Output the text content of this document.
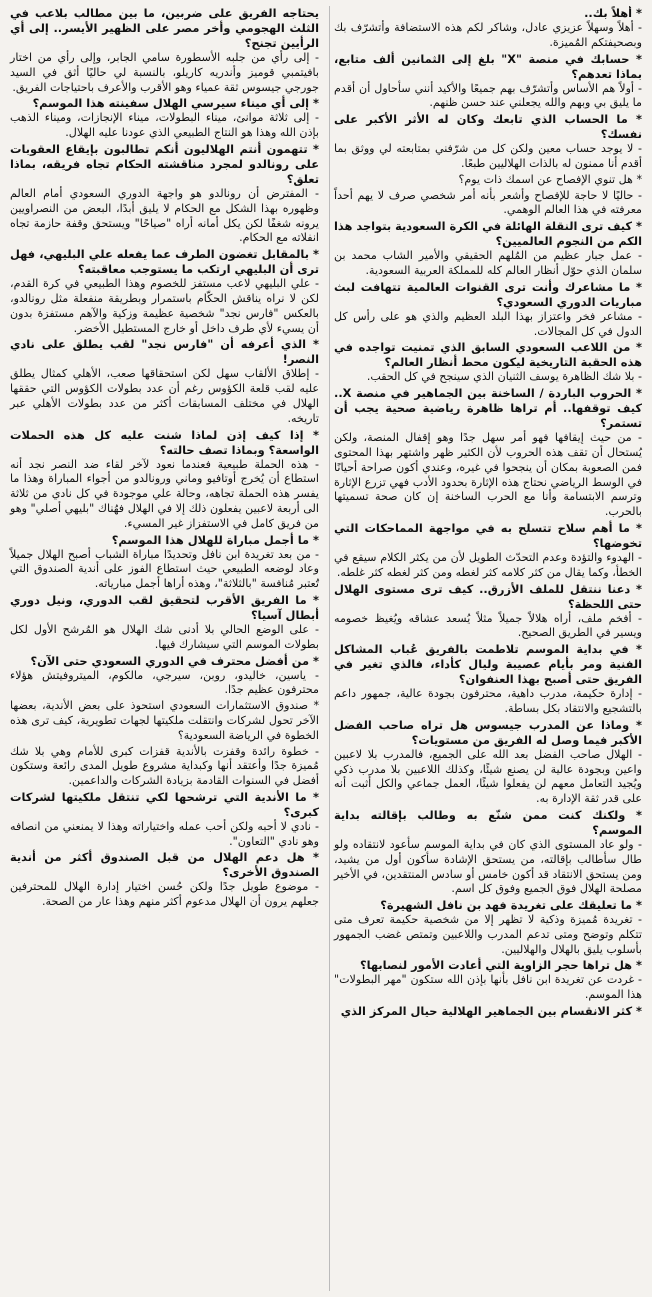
* أهلاً بك..

- أهلاً وسهلاً عزيزي عادل، وشاكر لكم هذه الاستضافة وأتشرّف بك وبصحيفتكم المُميزة.

* حسابك في منصة "X" بلغ إلى الثمانين ألف متابع، بماذا تعدهم؟

- أولاً هم الأساس وأتشرّف بهم جميعًا والأكيد أنني سأحاول أن أقدم ما يليق بي وبهم والله يجعلني عند حسن ظنهم.

* ما الحساب الذي تابعك وكان له الأثر الأكبر على نفسك؟

- لا يوجد حساب معين ولكن كل من شرّفني بمتابعته لي ووثق بما أقدم أنا ممنون له بالذات الهلاليين طبعًا.

* هل تنوي الإفصاح عن اسمك ذات يوم؟

- حاليًا لا حاجة للإفصاح وأشعر بأنه أمر شخصي صرف لا يهم أحداً معرفته في هذا العالم الوهمي.

* كيف ترى النقلة الهائلة في الكرة السعودية بتواجد هذا الكم من النجوم العالميين؟

- عمل جبار عظيم من المُلهم الحقيقي والأمير الشاب محمد بن سلمان الذي حوّل أنظار العالم كله للمملكة العربية السعودية.

* ما مشاعرك وأنت ترى القنوات العالمية تتهافت لبث مباريات الدوري السعودي؟

- مشاعر فخر واعتزاز بهذا البلد العظيم والذي هو على رأس كل الدول في كل المجالات.

* من اللاعب السعودي السابق الذي تمنيت تواجده في هذه الحقبة التاريخية ليكون محط أنظار العالم؟

- بلا شك الظاهرة يوسف الثنيان الذي سينجح في كل الحقب.

* الحروب الباردة / الساخنة بين الجماهير في منصة X.. كيف توقفها.. أم تراها ظاهرة رياضية صحية يجب أن تستمر؟

- من حيث إيقافها فهو أمر سهل جدًا وهو إقفال المنصة، ولكن يُستحال أن تقف هذه الحروب لأن الكثير ظهر واشتهر بهذا المحتوى فمن الصعوبة بمكان أن ينجحوا في غيره، وعندي أكون صراحة أحيانًا في الوسط الرياضي نحتاج هذه الإثارة بحدود الأدب فهي تزرع الإثارة وترسم الابتسامة وأنا مع الحرب الساخنة إن كان صحة تسميتها بالحرب.

* ما أهم سلاح تتسلح به في مواجهة المماحكات التي تخوضها؟

- الهدوء والتؤدة وعدم التحدّث الطويل لأن من يكثر الكلام سيقع في الخطأ، وكما يقال من كثر كلامه كثر لغطه ومن كثر لغطه كثر غلطه.

* دعنا ننتقل للملف الأزرق.. كيف ترى مستوى الهلال حتى اللحظة؟

- أفخم ملف، أراه هلالاً جميلاً مثلاً يُسعد عشاقه ويُغيظ خصومه ويسير في الطريق الصحيح.

* في بداية الموسم تلاطمت بالفريق عُباب المشاكل الفنية ومر بأيام عصيبة وليال كأداء، فالذي تغير في الفريق حتى أصبح بهذا العنفوان؟

- إدارة حكيمة، مدرب داهية، محترفون بجودة عالية، جمهور داعم بالتشجيع والانتقاد بكل بساطة.

* وماذا عن المدرب جيسوس هل تراه صاحب الفضل الأكبر فيما وصل له الفريق من مستويات؟

- الهلال صاحب الفضل بعد الله على الجميع، فالمدرب بلا لاعبين واعين وبجودة عالية لن يصنع شيئًا، وكذلك اللاعبين بلا مدرب ذكي ويُجيد التعامل معهم لن يفعلوا شيئًا، العمل جماعي والكل أثبت أنه على قدر ثقة الإدارة به.

* ولكنك كنت ممن شنّع به وطالب بإقالته بداية الموسم؟

- ولو عاد المستوى الذي كان في بداية الموسم سأعود لانتقاده ولو طال سأطالب بإقالته، من يستحق الإشادة سأكون أول من يشيد، ومن يستحق الانتقاد قد أكون خامس أو سادس المنتقدين، في الأخير مصلحة الهلال فوق الجميع وفوق كل اسم.

* ما تعليقك على تغريدة فهد بن نافل الشهيرة؟

- تغريدة مُميزة وذكية لا تظهر إلا من شخصية حكيمة تعرف متى تتكلم وتوضح ومتى تدعم المدرب واللاعبين وتمتص غضب الجمهور بأسلوب يليق بالهلال والهلاليين.

* هل تراها حجر الزاوية التي أعادت الأمور لنصابها؟

- غردت عن تغريدة ابن نافل بأنها بإذن الله ستكون "مهر البطولات" هذا الموسم.

* كثر الانقسام بين الجماهير الهلالية حيال المركز الذي

يحتاجه الفريق على ضربين، ما بين مطالب بلاعب في الثلث الهجومي وأخر مصر على الظهير الأيسر.. إلى أي الرأيين تجنح؟

- إلى رأي من جلبه الأسطورة سامي الجابر، وإلى رأي من اختار بافيتمبي قوميز وأندريه كاريلو، بالنسبة لي حاليًا أثق في السيد جورجي جيسوس ثقة عمياء وهو الأقرب والأعرف باحتياجات الفريق.

* إلى أي ميناء سيرسي الهلال سفينته هذا الموسم؟

- إلى ثلاثة موانئ، ميناء البطولات، ميناء الإنجازات، وميناء الذهب بإذن الله وهذا هو النتاج الطبيعي الذي عودنا عليه الهلال.

* تتهمون أنتم الهلاليون أنكم تطالبون بإيقاع العقوبات على رونالدو لمجرد مناقشته الحكام تجاه فريقه، بماذا تعلق؟

- المفترض أن رونالدو هو واجهة الدوري السعودي أمام العالم وظهوره بهذا الشكل مع الحكام لا يليق أبدًا، البعض من النصراويين يرونه شغفًا لكن يكل أمانه أراه "صياحًا" ويستحق وقفة حازمة تجاه انفلاته مع الحكام.

* بالمقابل تغضون الطرف عما يفعله علي البليهي، فهل ترى أن البليهي ارتكب ما يستوجب معاقبته؟

- علي البليهي لاعب مستفز للخصوم وهذا الطبيعي في كرة القدم، لكن لا نراه يناقش الحكّام باستمرار وبطريقة منفعلة مثل رونالدو، بالعكس "فارس نجد" شخصية عظيمة وزكية والآهم مستفزة بدون أن يسيء لأي طرف داخل أو خارج المستطيل الأخضر.

* الذي أعرفه أن "فارس نجد" لقب يطلق على نادي النصر!

- إطلاق الألقاب سهل لكن استحقاقها صعب، الأهلي كمثال يطلق عليه لقب قلعة الكؤوس رغم أن عدد بطولات الكؤوس التي حققها الهلال في مختلف المسابقات أكثر من عدد بطولات الأهلي عبر تاريخه.

* إذا كيف إذن لماذا شنت عليه كل هذه الحملات الواسعة؟ وبماذا تصف حالته؟

- هذه الحملة طبيعية فعندما نعود لآخر لقاء ضد النصر نجد أنه استطاع أن يُخرج أوتافيو وماني ورونالدو من أجواء المباراة وهذا ما يفسر هذه الحملة تجاهه، وحالة علي موجودة في كل نادي من ثلاثة الى أربعة لاعبين يفعلون ذلك إلا في الهلال فهُناك "بليهي أصلي" وهو من فريق كامل في الاستفزاز غير المسيء.

* ما أجمل مباراة للهلال هذا الموسم؟

- من بعد تغريدة ابن نافل وتحديدًا مباراة الشباب أصبح الهلال جميلاً وعاد لوضعه الطبيعي حيث استطاع الفوز على أندية الصندوق التي تُعتبر مُنافسة "بالثلاثة"، وهذه أراها أجمل مبارياته.

* ما الفريق الأقرب لتحقيق لقب الدوري، ونيل دوري أبطال آسيا؟

- على الوضع الحالي بلا أدنى شك الهلال هو المُرشح الأول لكل بطولات الموسم التي سيشارك فيها.

* من أفضل محترف في الدوري السعودي حتى الآن؟

- ياسين، خاليدو، روبن، سيرجي، مالكوم، الميتروفيتش هؤلاء محترفون عظيم جدًا.

* صندوق الاستثمارات السعودي استحوذ على بعض الأندية، بعضها الآخر تحول لشركات وانتقلت ملكيتها لجهات تطويرية، كيف ترى هذه الخطوة في الرياضة السعودية؟

- خطوة رائدة وقفزت بالأندية قفزات كبرى للأمام وهي بلا شك مُميزة جدًا وأعتقد أنها وكبداية مشروع طويل المدى رائعة وستكون أفضل في السنوات القادمة بزيادة الشركات والداعمين.

* ما الأندية التي ترشحها لكي تنتقل ملكيتها لشركات كبرى؟

- نادي لا أحبه ولكن أحب عمله واختياراته وهذا لا يمنعني من انصافه وهو نادي "التعاون".

* هل دعم الهلال من قبل الصندوق أكثر من أندية الصندوق الأخرى؟

- موضوع طويل جدًا ولكن حُسن اختيار إدارة الهلال للمحترفين جعلهم يرون أن الهلال مدعوم أكثر منهم وهذا عار من الصحة.
